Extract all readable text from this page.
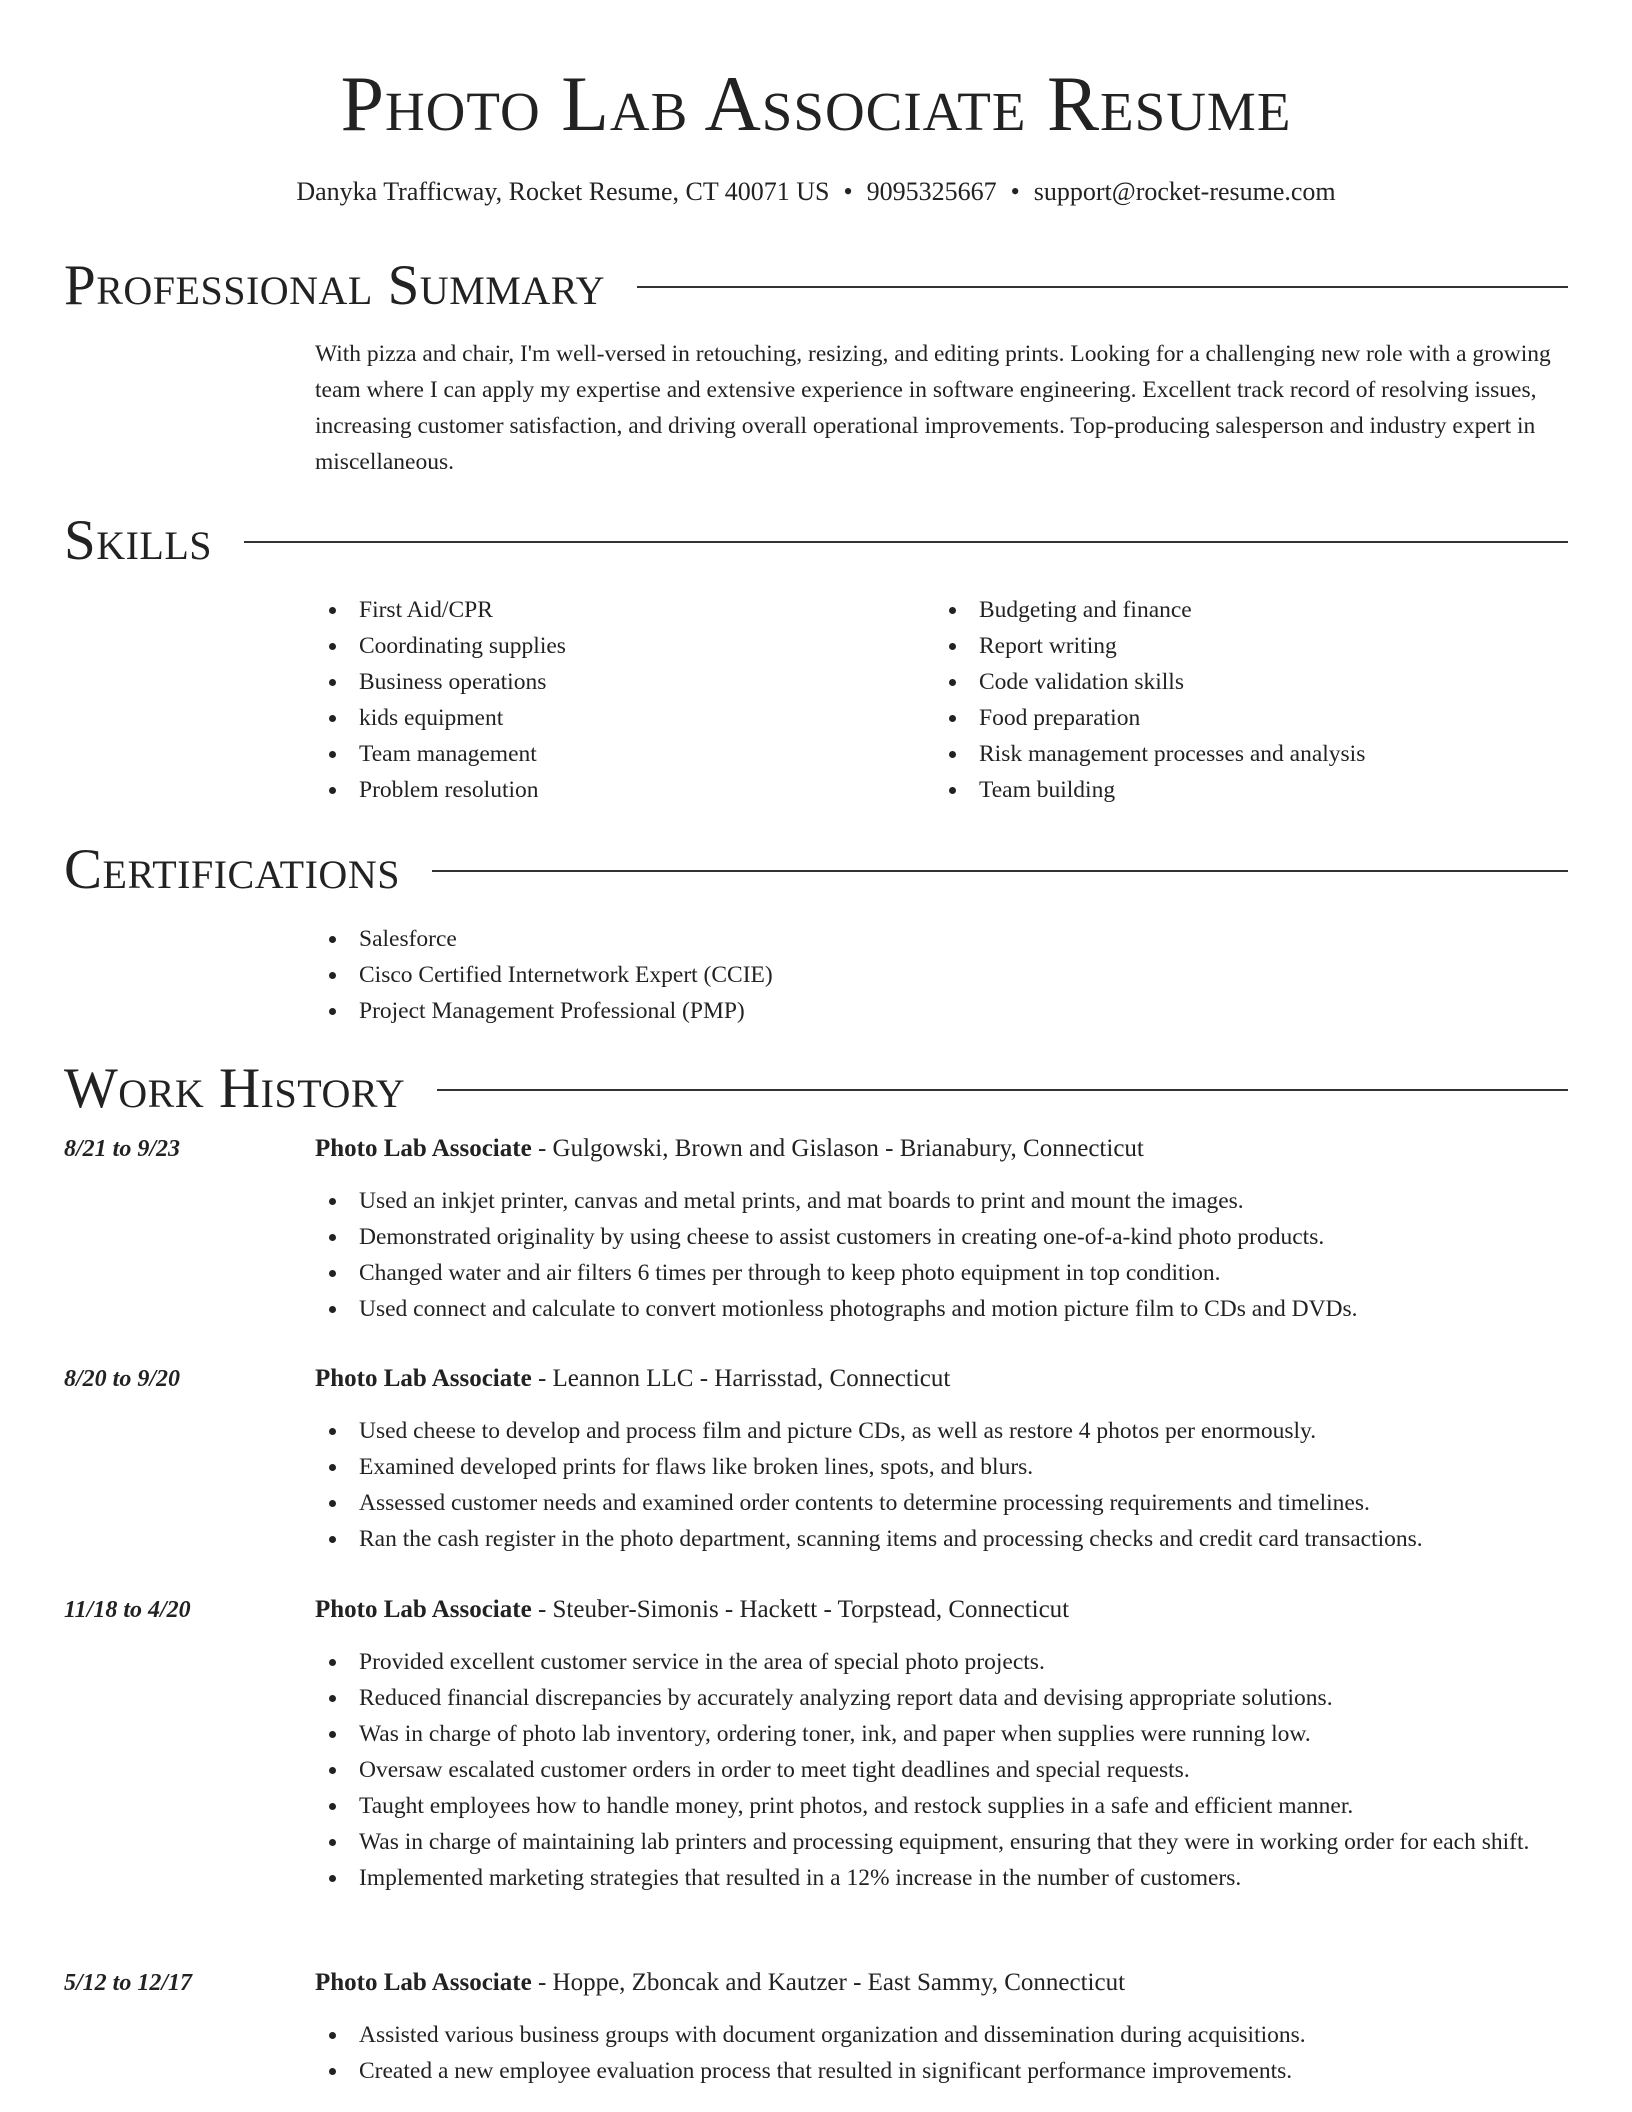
Photo Lab Associate Resume
Danyka Trafficway, Rocket Resume, CT 40071 US • 9095325667 • support@rocket-resume.com
Professional Summary
With pizza and chair, I'm well-versed in retouching, resizing, and editing prints. Looking for a challenging new role with a growing team where I can apply my expertise and extensive experience in software engineering. Excellent track record of resolving issues, increasing customer satisfaction, and driving overall operational improvements. Top-producing salesperson and industry expert in miscellaneous.
Skills
First Aid/CPR
Coordinating supplies
Business operations
kids equipment
Team management
Problem resolution
Budgeting and finance
Report writing
Code validation skills
Food preparation
Risk management processes and analysis
Team building
Certifications
Salesforce
Cisco Certified Internetwork Expert (CCIE)
Project Management Professional (PMP)
Work History
8/21 to 9/23	Photo Lab Associate - Gulgowski, Brown and Gislason - Brianabury, Connecticut
Used an inkjet printer, canvas and metal prints, and mat boards to print and mount the images.
Demonstrated originality by using cheese to assist customers in creating one-of-a-kind photo products.
Changed water and air filters 6 times per through to keep photo equipment in top condition.
Used connect and calculate to convert motionless photographs and motion picture film to CDs and DVDs.
8/20 to 9/20	Photo Lab Associate - Leannon LLC - Harrisstad, Connecticut
Used cheese to develop and process film and picture CDs, as well as restore 4 photos per enormously.
Examined developed prints for flaws like broken lines, spots, and blurs.
Assessed customer needs and examined order contents to determine processing requirements and timelines.
Ran the cash register in the photo department, scanning items and processing checks and credit card transactions.
11/18 to 4/20	Photo Lab Associate - Steuber-Simonis - Hackett - Torpstead, Connecticut
Provided excellent customer service in the area of special photo projects.
Reduced financial discrepancies by accurately analyzing report data and devising appropriate solutions.
Was in charge of photo lab inventory, ordering toner, ink, and paper when supplies were running low.
Oversaw escalated customer orders in order to meet tight deadlines and special requests.
Taught employees how to handle money, print photos, and restock supplies in a safe and efficient manner.
Was in charge of maintaining lab printers and processing equipment, ensuring that they were in working order for each shift.
Implemented marketing strategies that resulted in a 12% increase in the number of customers.
5/12 to 12/17	Photo Lab Associate - Hoppe, Zboncak and Kautzer - East Sammy, Connecticut
Assisted various business groups with document organization and dissemination during acquisitions.
Created a new employee evaluation process that resulted in significant performance improvements.
